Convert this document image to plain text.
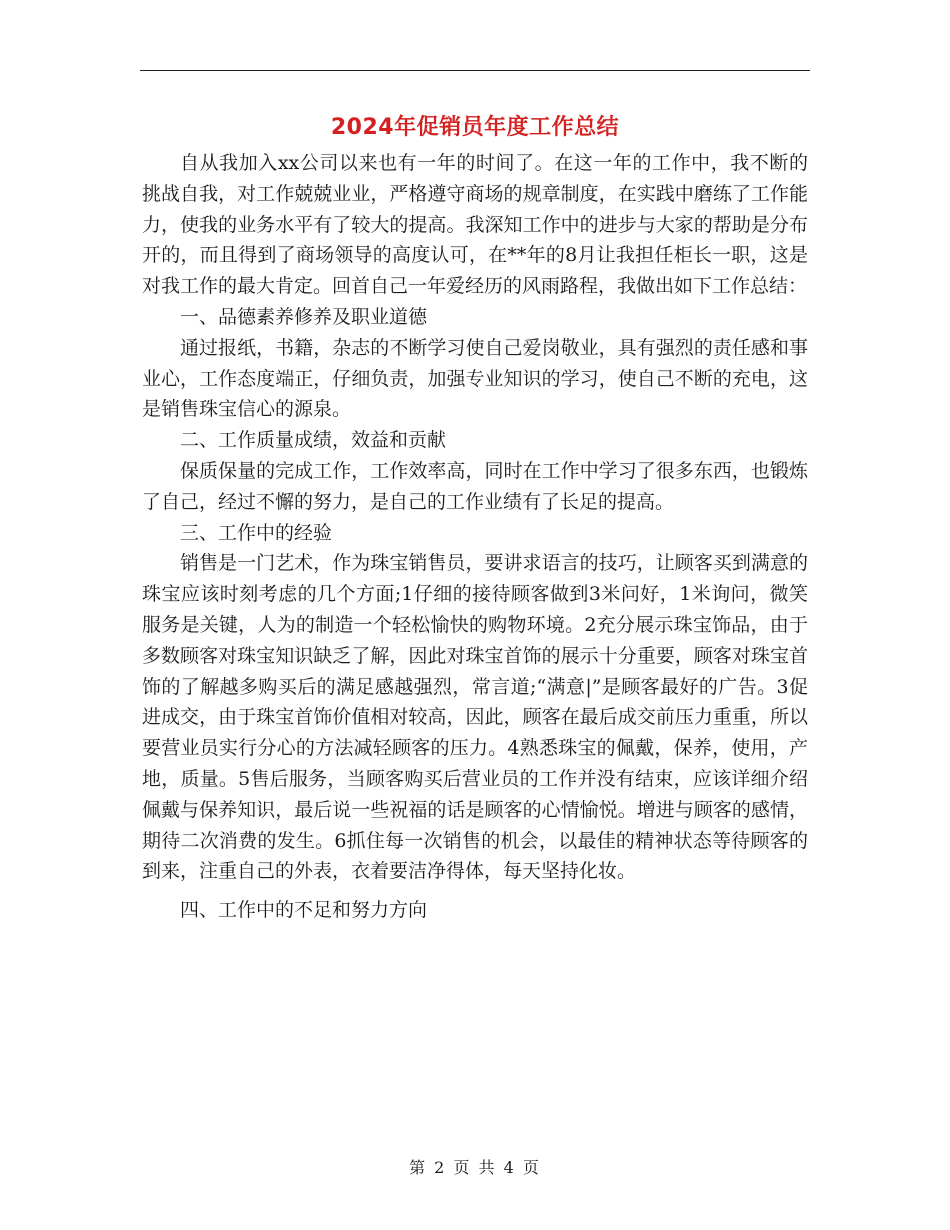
2024年促销员年度工作总结

自从我加入xx公司以来也有一年的时间了。在这一年的工作中，我不断的挑战自我，对工作兢兢业业，严格遵守商场的规章制度，在实践中磨练了工作能力，使我的业务水平有了较大的提高。我深知工作中的进步与大家的帮助是分布开的，而且得到了商场领导的高度认可，在**年的8月让我担任柜长一职，这是对我工作的最大肯定。回首自己一年爱经历的风雨路程，我做出如下工作总结：

一、品德素养修养及职业道德

通过报纸，书籍，杂志的不断学习使自己爱岗敬业，具有强烈的责任感和事业心，工作态度端正，仔细负责，加强专业知识的学习，使自己不断的充电，这是销售珠宝信心的源泉。

二、工作质量成绩，效益和贡献

保质保量的完成工作，工作效率高，同时在工作中学习了很多东西，也锻炼了自己，经过不懈的努力，是自己的工作业绩有了长足的提高。

三、工作中的经验

销售是一门艺术，作为珠宝销售员，要讲求语言的技巧，让顾客买到满意的珠宝应该时刻考虑的几个方面;1仔细的接待顾客做到3米问好，1米询问，微笑服务是关键，人为的制造一个轻松愉快的购物环境。2充分展示珠宝饰品，由于多数顾客对珠宝知识缺乏了解，因此对珠宝首饰的展示十分重要，顾客对珠宝首饰的了解越多购买后的满足感越强烈，常言道;“满意|”是顾客最好的广告。3促进成交，由于珠宝首饰价值相对较高，因此，顾客在最后成交前压力重重，所以要营业员实行分心的方法减轻顾客的压力。4熟悉珠宝的佩戴，保养，使用，产地，质量。5售后服务，当顾客购买后营业员的工作并没有结束，应该详细介绍佩戴与保养知识，最后说一些祝福的话是顾客的心情愉悦。增进与顾客的感情，期待二次消费的发生。6抓住每一次销售的机会，以最佳的精神状态等待顾客的到来，注重自己的外表，衣着要洁净得体，每天坚持化妆。

四、工作中的不足和努力方向

第 2 页 共 4 页
